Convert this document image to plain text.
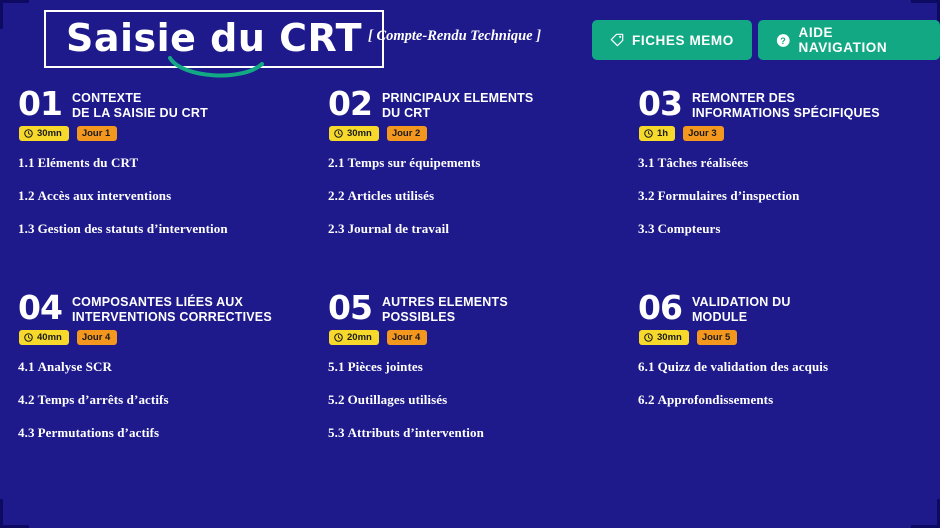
Saisie du CRT [ Compte-Rendu Technique ]	FICHES MEMO	?
AIDE NAVIGATION
01 CONTEXTE
DE LA SAISIE DU CRT
30mn	Jour 1
1.1 Eléments du CRT
1.2 Accès aux interventions
1.3 Gestion des statuts d’intervention
02 PRINCIPAUX ELEMENTS
DU CRT
30mn	Jour 2
2.1 Temps sur équipements
2.2 Articles utilisés
2.3 Journal de travail
03 REMONTER DES
INFORMATIONS SPÉCIFIQUES
1h	Jour 3
3.1 Tâches réalisées
3.2 Formulaires d’inspection
3.3 Compteurs
04 COMPOSANTES LIÉES AUX
INTERVENTIONS CORRECTIVES
40mn	Jour 4
4.1 Analyse SCR
4.2 Temps d’arrêts d’actifs
4.3 Permutations d’actifs
05 AUTRES ELEMENTS
POSSIBLES
20mn	Jour 4
5.1 Pièces jointes
5.2 Outillages utilisés
5.3 Attributs d’intervention
06 VALIDATION DU
MODULE
30mn	Jour 5
6.1 Quizz de validation des acquis
6.2 Approfondissements
